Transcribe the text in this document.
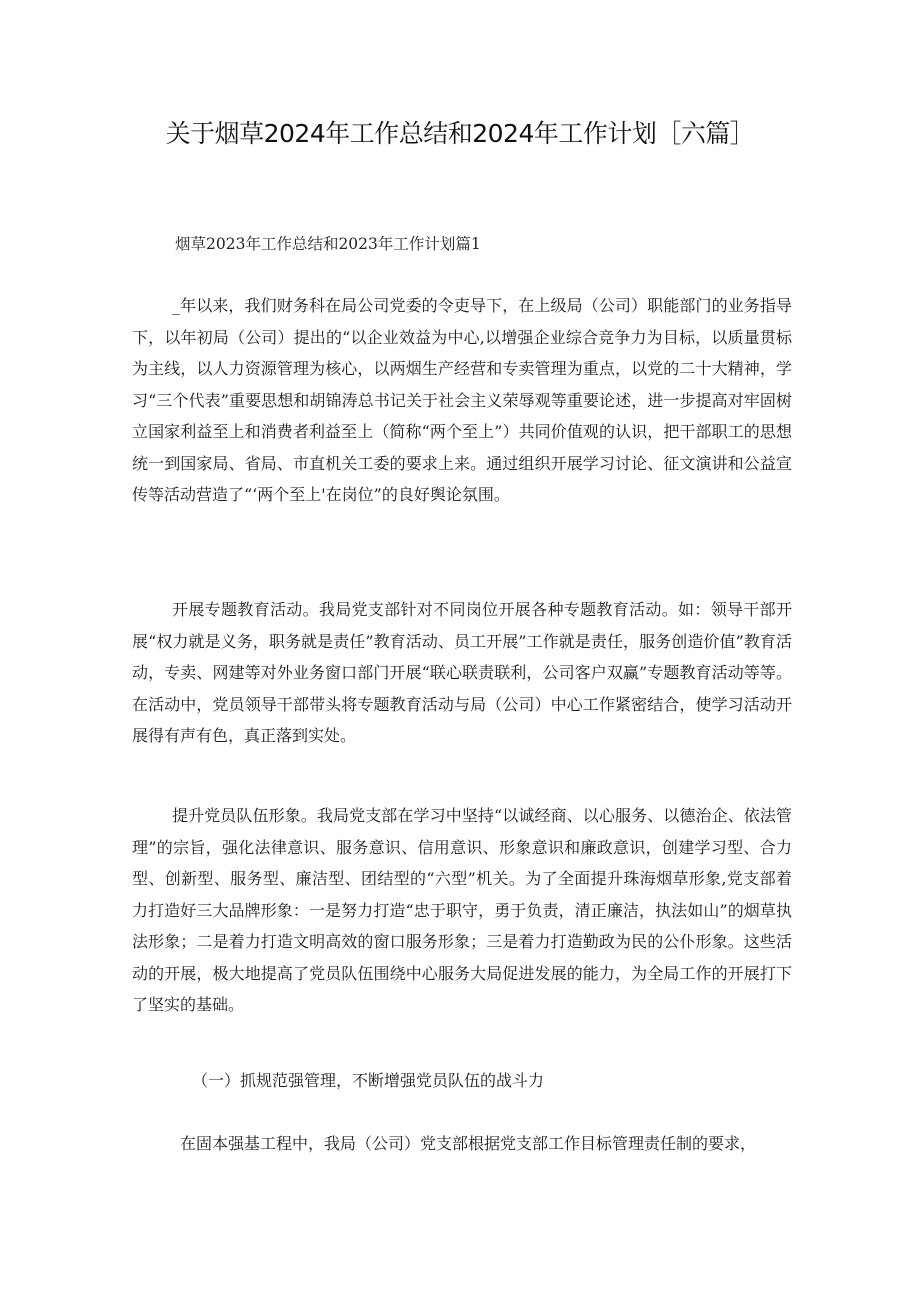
关于烟草2024年工作总结和2024年工作计划［六篇］

烟草2023年工作总结和2023年工作计划篇1

_年以来，我们财务科在局公司党委的令吏导下，在上级局（公司）职能部门的业务指导下，以年初局（公司）提出的“以企业效益为中心,以增强企业综合竞争力为目标，以质量贯标为主线，以人力资源管理为核心，以两烟生产经营和专卖管理为重点，以党的二十大精神，学习“三个代表”重要思想和胡锦涛总书记关于社会主义荣辱观等重要论述，进一步提高对牢固树立国家利益至上和消费者利益至上（简称“两个至上”）共同价值观的认识，把干部职工的思想统一到国家局、省局、市直机关工委的要求上来。通过组织开展学习讨论、征文演讲和公益宣传等活动营造了“‘两个至上'在岗位”的良好舆论氛围。

开展专题教育活动。我局党支部针对不同岗位开展各种专题教育活动。如：领导干部开展“权力就是义务，职务就是责任”教育活动、员工开展”工作就是责任，服务创造价值”教育活动，专卖、网建等对外业务窗口部门开展“联心联责联利，公司客户双赢”专题教育活动等等。在活动中，党员领导干部带头将专题教育活动与局（公司）中心工作紧密结合，使学习活动开展得有声有色，真正落到实处。

提升党员队伍形象。我局党支部在学习中坚持“以诚经商、以心服务、以德治企、依法管理”的宗旨，强化法律意识、服务意识、信用意识、形象意识和廉政意识，创建学习型、合力型、创新型、服务型、廉洁型、团结型的“六型”机关。为了全面提升珠海烟草形象,党支部着力打造好三大品牌形象：一是努力打造“忠于职守，勇于负责，清正廉洁，执法如山”的烟草执法形象；二是着力打造文明高效的窗口服务形象；三是着力打造勤政为民的公仆形象。这些活动的开展，极大地提高了党员队伍围绕中心服务大局促进发展的能力，为全局工作的开展打下了坚实的基础。

（一）抓规范强管理，不断增强党员队伍的战斗力

在固本强基工程中，我局（公司）党支部根据党支部工作目标管理责任制的要求，
